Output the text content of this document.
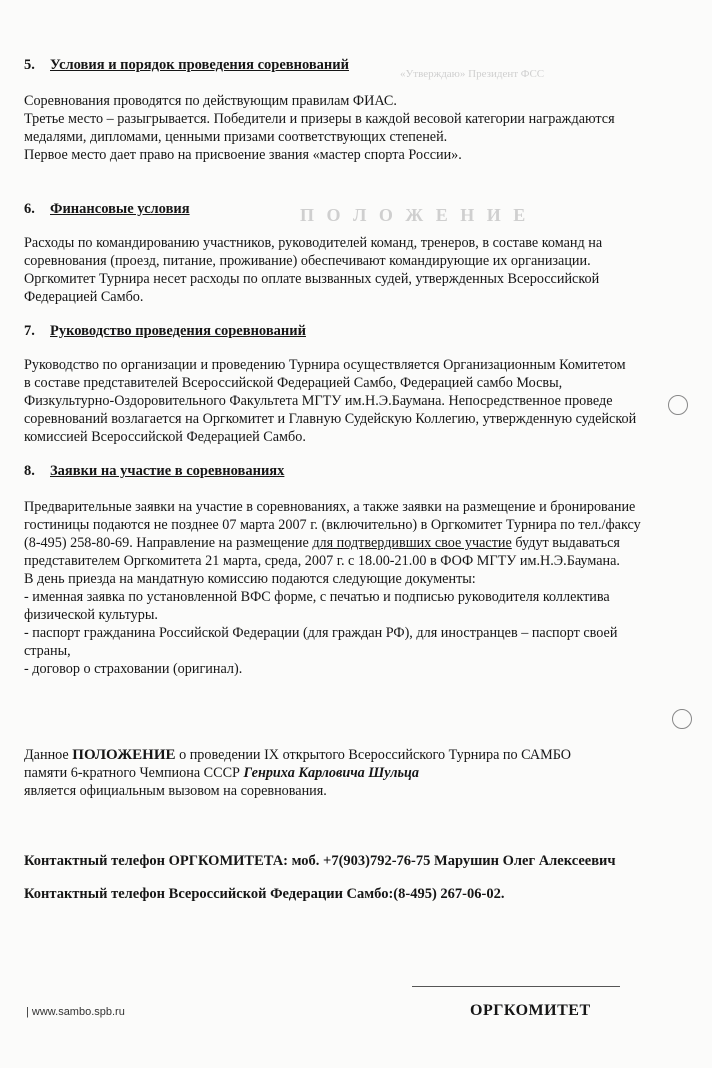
П О Л О Ж Е Н И Е
«Утверждаю» Президент ФСС
5. Условия и порядок проведения соревнований
Соревнования проводятся по действующим правилам ФИАС.
Третье место – разыгрывается. Победители и призеры в каждой весовой категории награждаются
медалями, дипломами, ценными призами соответствующих степеней.
Первое место дает право на присвоение звания «мастер спорта России».
6. Финансовые условия
Расходы по командированию участников, руководителей команд, тренеров, в составе команд на
соревнования (проезд, питание, проживание) обеспечивают командирующие их организации.
Оргкомитет Турнира несет расходы по оплате вызванных судей, утвержденных Всероссийской
Федерацией Самбо.
7. Руководство проведения соревнований
Руководство по организации и проведению Турнира осуществляется Организационным Комитетом
в составе представителей Всероссийской Федерацией Самбо, Федерацией самбо Мосвы,
Физкультурно-Оздоровительного Факультета МГТУ им.Н.Э.Баумана. Непосредственное проведе
соревнований возлагается на Оргкомитет и Главную Судейскую Коллегию, утвержденную судейской
комиссией Всероссийской Федерацией Самбо.
8. Заявки на участие в соревнованиях
Предварительные заявки на участие в соревнованиях, а также заявки на размещение и бронирование
гостиницы подаются не позднее 07 марта 2007 г. (включительно) в Оргкомитет Турнира по тел./факсу
(8-495) 258-80-69. Направление на размещение для подтвердивших свое участие будут выдаваться
представителем Оргкомитета 21 марта, среда, 2007 г. с 18.00-21.00 в ФОФ МГТУ им.Н.Э.Баумана.
В день приезда на мандатную комиссию подаются следующие документы:
- именная заявка по установленной ВФС форме, с печатью и подписью руководителя коллектива
физической культуры.
- паспорт гражданина Российской Федерации (для граждан РФ), для иностранцев – паспорт своей
страны,
- договор о страховании (оригинал).
Данное ПОЛОЖЕНИЕ о проведении IX открытого Всероссийского Турнира по САМБО
памяти 6-кратного Чемпиона СССР Генриха Карловича Шульца
является официальным вызовом на соревнования.
Контактный телефон ОРГКОМИТЕТА: моб. +7(903)792-76-75 Марушин Олег Алексеевич
Контактный телефон Всероссийской Федерации Самбо:(8-495) 267-06-02.
| www.sambo.spb.ru	ОРГКОМИТЕТ
